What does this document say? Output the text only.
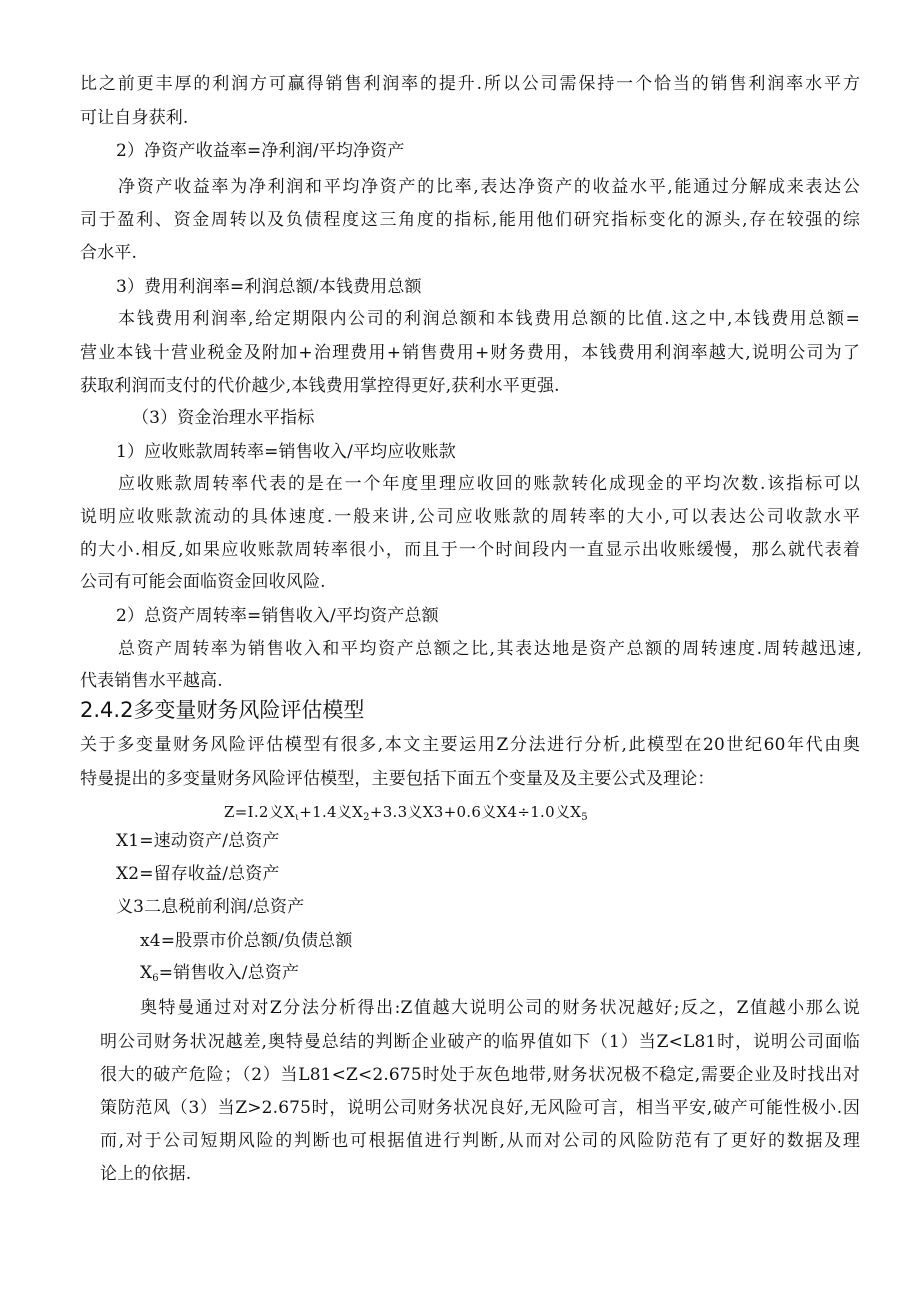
比之前更丰厚的利润方可赢得销售利润率的提升.所以公司需保持一个恰当的销售利润率水平方
可让自身获利.
2）净资产收益率=净利润/平均净资产
净资产收益率为净利润和平均净资产的比率,表达净资产的收益水平,能通过分解成来表达公
司于盈利、资金周转以及负债程度这三角度的指标,能用他们研究指标变化的源头,存在较强的综
合水平.
3）费用利润率=利润总额/本钱费用总额
本钱费用利润率,给定期限内公司的利润总额和本钱费用总额的比值.这之中,本钱费用总额=
营业本钱十营业税金及附加+治理费用+销售费用+财务费用，本钱费用利润率越大,说明公司为了
获取利润而支付的代价越少,本钱费用掌控得更好,获利水平更强.
（3）资金治理水平指标
1）应收账款周转率=销售收入/平均应收账款
应收账款周转率代表的是在一个年度里理应收回的账款转化成现金的平均次数.该指标可以
说明应收账款流动的具体速度.一般来讲,公司应收账款的周转率的大小,可以表达公司收款水平
的大小.相反,如果应收账款周转率很小，而且于一个时间段内一直显示出收账缓慢，那么就代表着
公司有可能会面临资金回收风险.
2）总资产周转率=销售收入/平均资产总额
总资产周转率为销售收入和平均资产总额之比,其表达地是资产总额的周转速度.周转越迅速,
代表销售水平越高.
2.4.2多变量财务风险评估模型
关于多变量财务风险评估模型有很多,本文主要运用Z分法进行分析,此模型在20世纪60年代由奥
特曼提出的多变量财务风险评估模型，主要包括下面五个变量及及主要公式及理论：
Z=I.2义$X_\iota+1.4$义$X_2+3.3$义X3+0.6义X4÷1.0义$X_5$
X1=速动资产/总资产
X2=留存收益/总资产
义3二息税前利润/总资产
x4=股票市价总额/负债总额
$X_6=$销售收入/总资产
奥特曼通过对对Z分法分析得出:Z值越大说明公司的财务状况越好;反之，Z值越小那么说
明公司财务状况越差,奥特曼总结的判断企业破产的临界值如下（1）当Z<L81时，说明公司面临
很大的破产危险；（2）当L81<Z<2.675时处于灰色地带,财务状况极不稳定,需要企业及时找出对
策防范风（3）当Z>2.675时，说明公司财务状况良好,无风险可言，相当平安,破产可能性极小.因
而,对于公司短期风险的判断也可根据值进行判断,从而对公司的风险防范有了更好的数据及理
论上的依据.
